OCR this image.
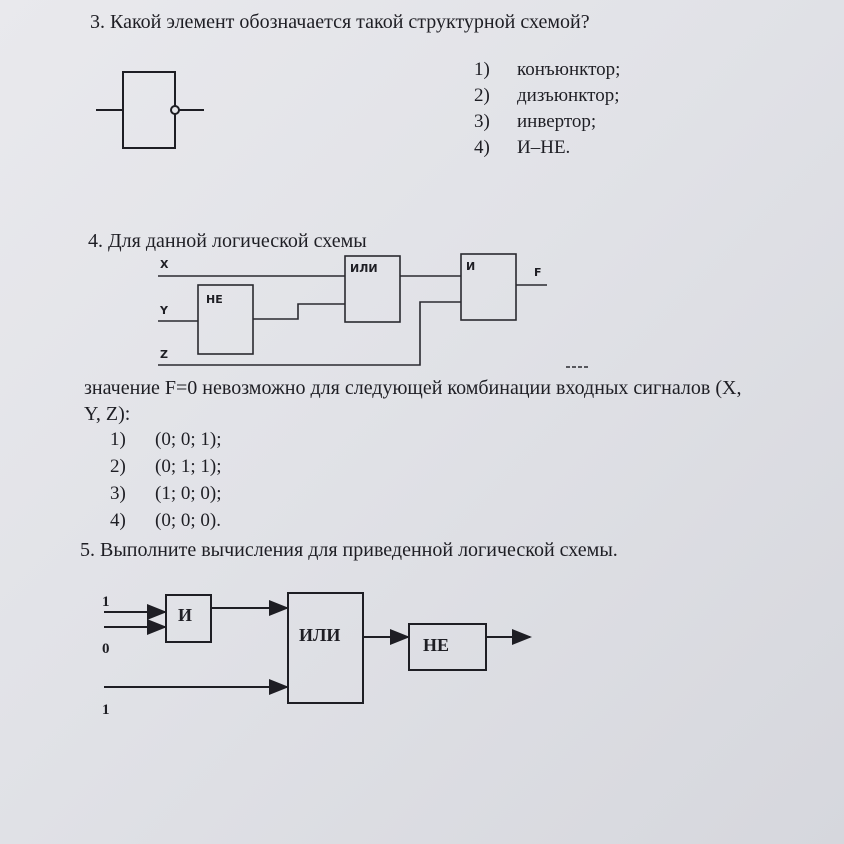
3. Какой элемент обозначается такой структурной схемой?
1) конъюнктор;
2) дизъюнктор;
3) инвертор;
4) И–НЕ.
4. Для данной логической схемы
X
Y
Z
НЕ
ИЛИ	И	F
значение F=0 невозможно для следующей комбинации входных сигналов (X,
Y, Z):
1) (0; 0; 1);
2) (0; 1; 1);
3) (1; 0; 0);
4) (0; 0; 0).
5. Выполните вычисления для приведенной логической схемы.
1
0
1
И
ИЛИ	НЕ
